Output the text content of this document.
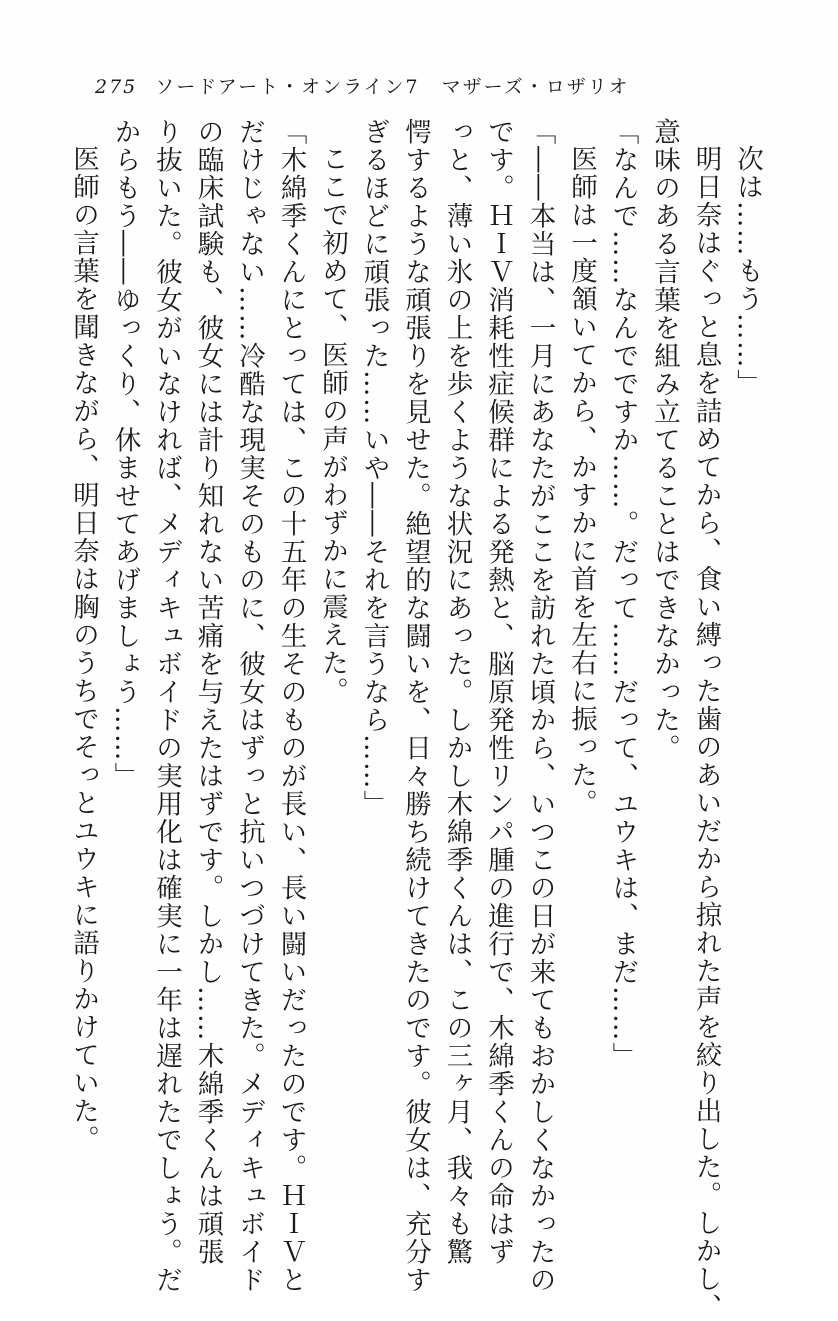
275 ソードアート・オンライン7 マザーズ・ロザリオ
次は……もう……」
明日奈はぐっと息を詰めてから、食い縛った歯のあいだから掠れた声を絞り出した。しかし、
意味のある言葉を組み立てることはできなかった。
「なんで……なんでですか……。だって……だって、ユウキは、まだ……」
医師は一度頷いてから、かすかに首を左右に振った。
「――本当は、一月にあなたがここを訪れた頃から、いつこの日が来てもおかしくなかったの
です。ＨＩＶ消耗性症候群による発熱と、脳原発性リンパ腫の進行で、木綿季くんの命はず
っと、薄い氷の上を歩くような状況にあった。しかし木綿季くんは、この三ヶ月、我々も驚
愕するような頑張りを見せた。絶望的な闘いを、日々勝ち続けてきたのです。彼女は、充分す
ぎるほどに頑張った……いや――それを言うなら……」
ここで初めて、医師の声がわずかに震えた。
「木綿季くんにとっては、この十五年の生そのものが長い、長い闘いだったのです。ＨＩＶと
だけじゃない……冷酷な現実そのものに、彼女はずっと抗いつづけてきた。メディキュボイド
の臨床試験も、彼女には計り知れない苦痛を与えたはずです。しかし……木綿季くんは頑張
り抜いた。彼女がいなければ、メディキュボイドの実用化は確実に一年は遅れたでしょう。だ
からもう――ゆっくり、休ませてあげましょう……」
医師の言葉を聞きながら、明日奈は胸のうちでそっとユウキに語りかけていた。
